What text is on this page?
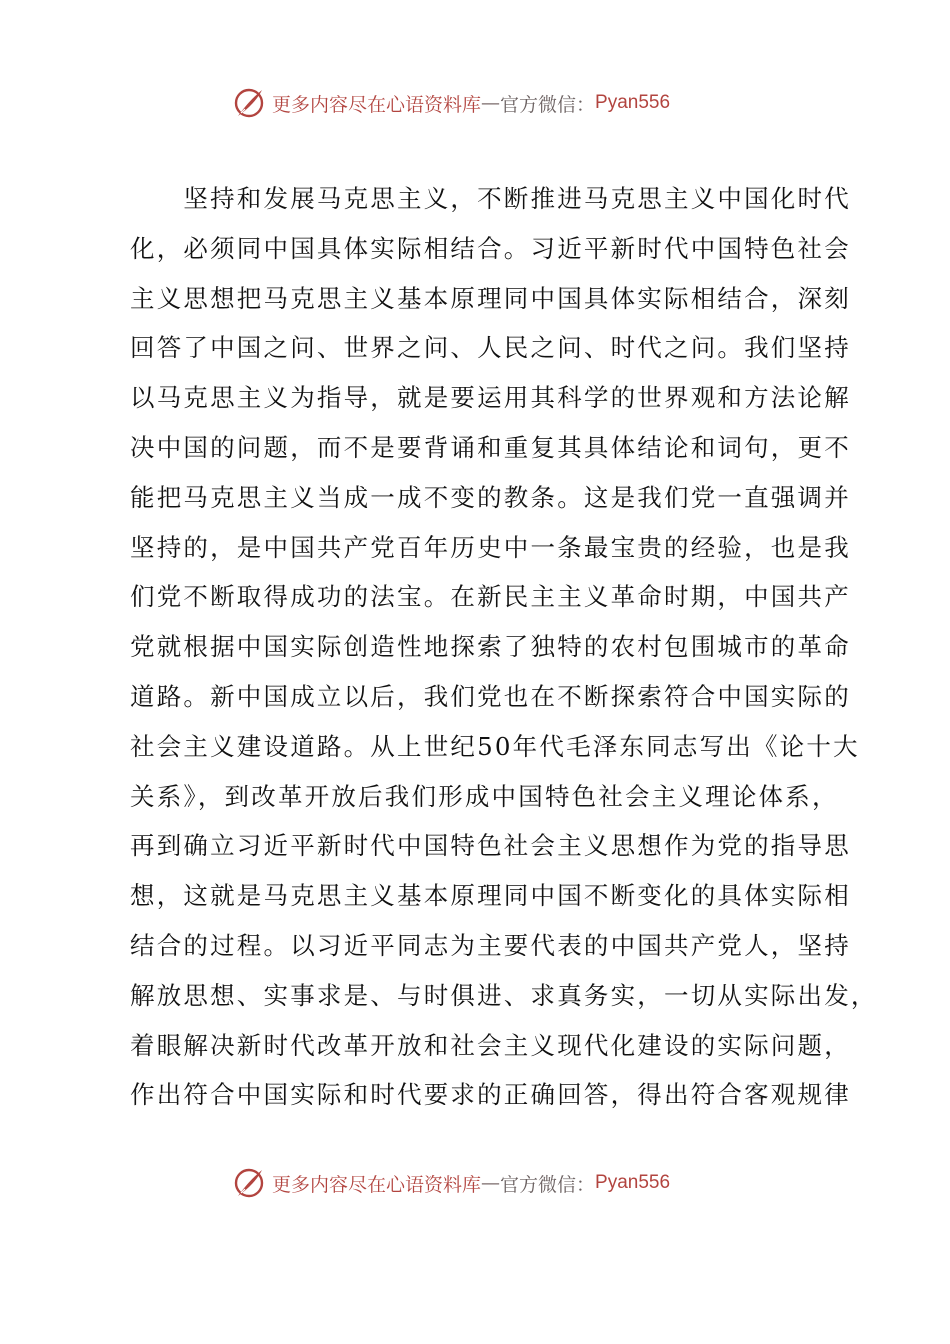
更多内容尽在心语资料库 — 官方微信： Pyan556
　　坚持和发展马克思主义，不断推进马克思主义中国化时代
化，必须同中国具体实际相结合。习近平新时代中国特色社会
主义思想把马克思主义基本原理同中国具体实际相结合，深刻
回答了中国之问、世界之问、人民之问、时代之问。我们坚持
以马克思主义为指导，就是要运用其科学的世界观和方法论解
决中国的问题，而不是要背诵和重复其具体结论和词句，更不
能把马克思主义当成一成不变的教条。这是我们党一直强调并
坚持的，是中国共产党百年历史中一条最宝贵的经验，也是我
们党不断取得成功的法宝。在新民主主义革命时期，中国共产
党就根据中国实际创造性地探索了独特的农村包围城市的革命
道路。新中国成立以后，我们党也在不断探索符合中国实际的
社会主义建设道路。从上世纪50年代毛泽东同志写出《论十大
关系》，到改革开放后我们形成中国特色社会主义理论体系，
再到确立习近平新时代中国特色社会主义思想作为党的指导思
想，这就是马克思主义基本原理同中国不断变化的具体实际相
结合的过程。以习近平同志为主要代表的中国共产党人，坚持
解放思想、实事求是、与时俱进、求真务实，一切从实际出发，
着眼解决新时代改革开放和社会主义现代化建设的实际问题，
作出符合中国实际和时代要求的正确回答，得出符合客观规律
更多内容尽在心语资料库 — 官方微信： Pyan556
